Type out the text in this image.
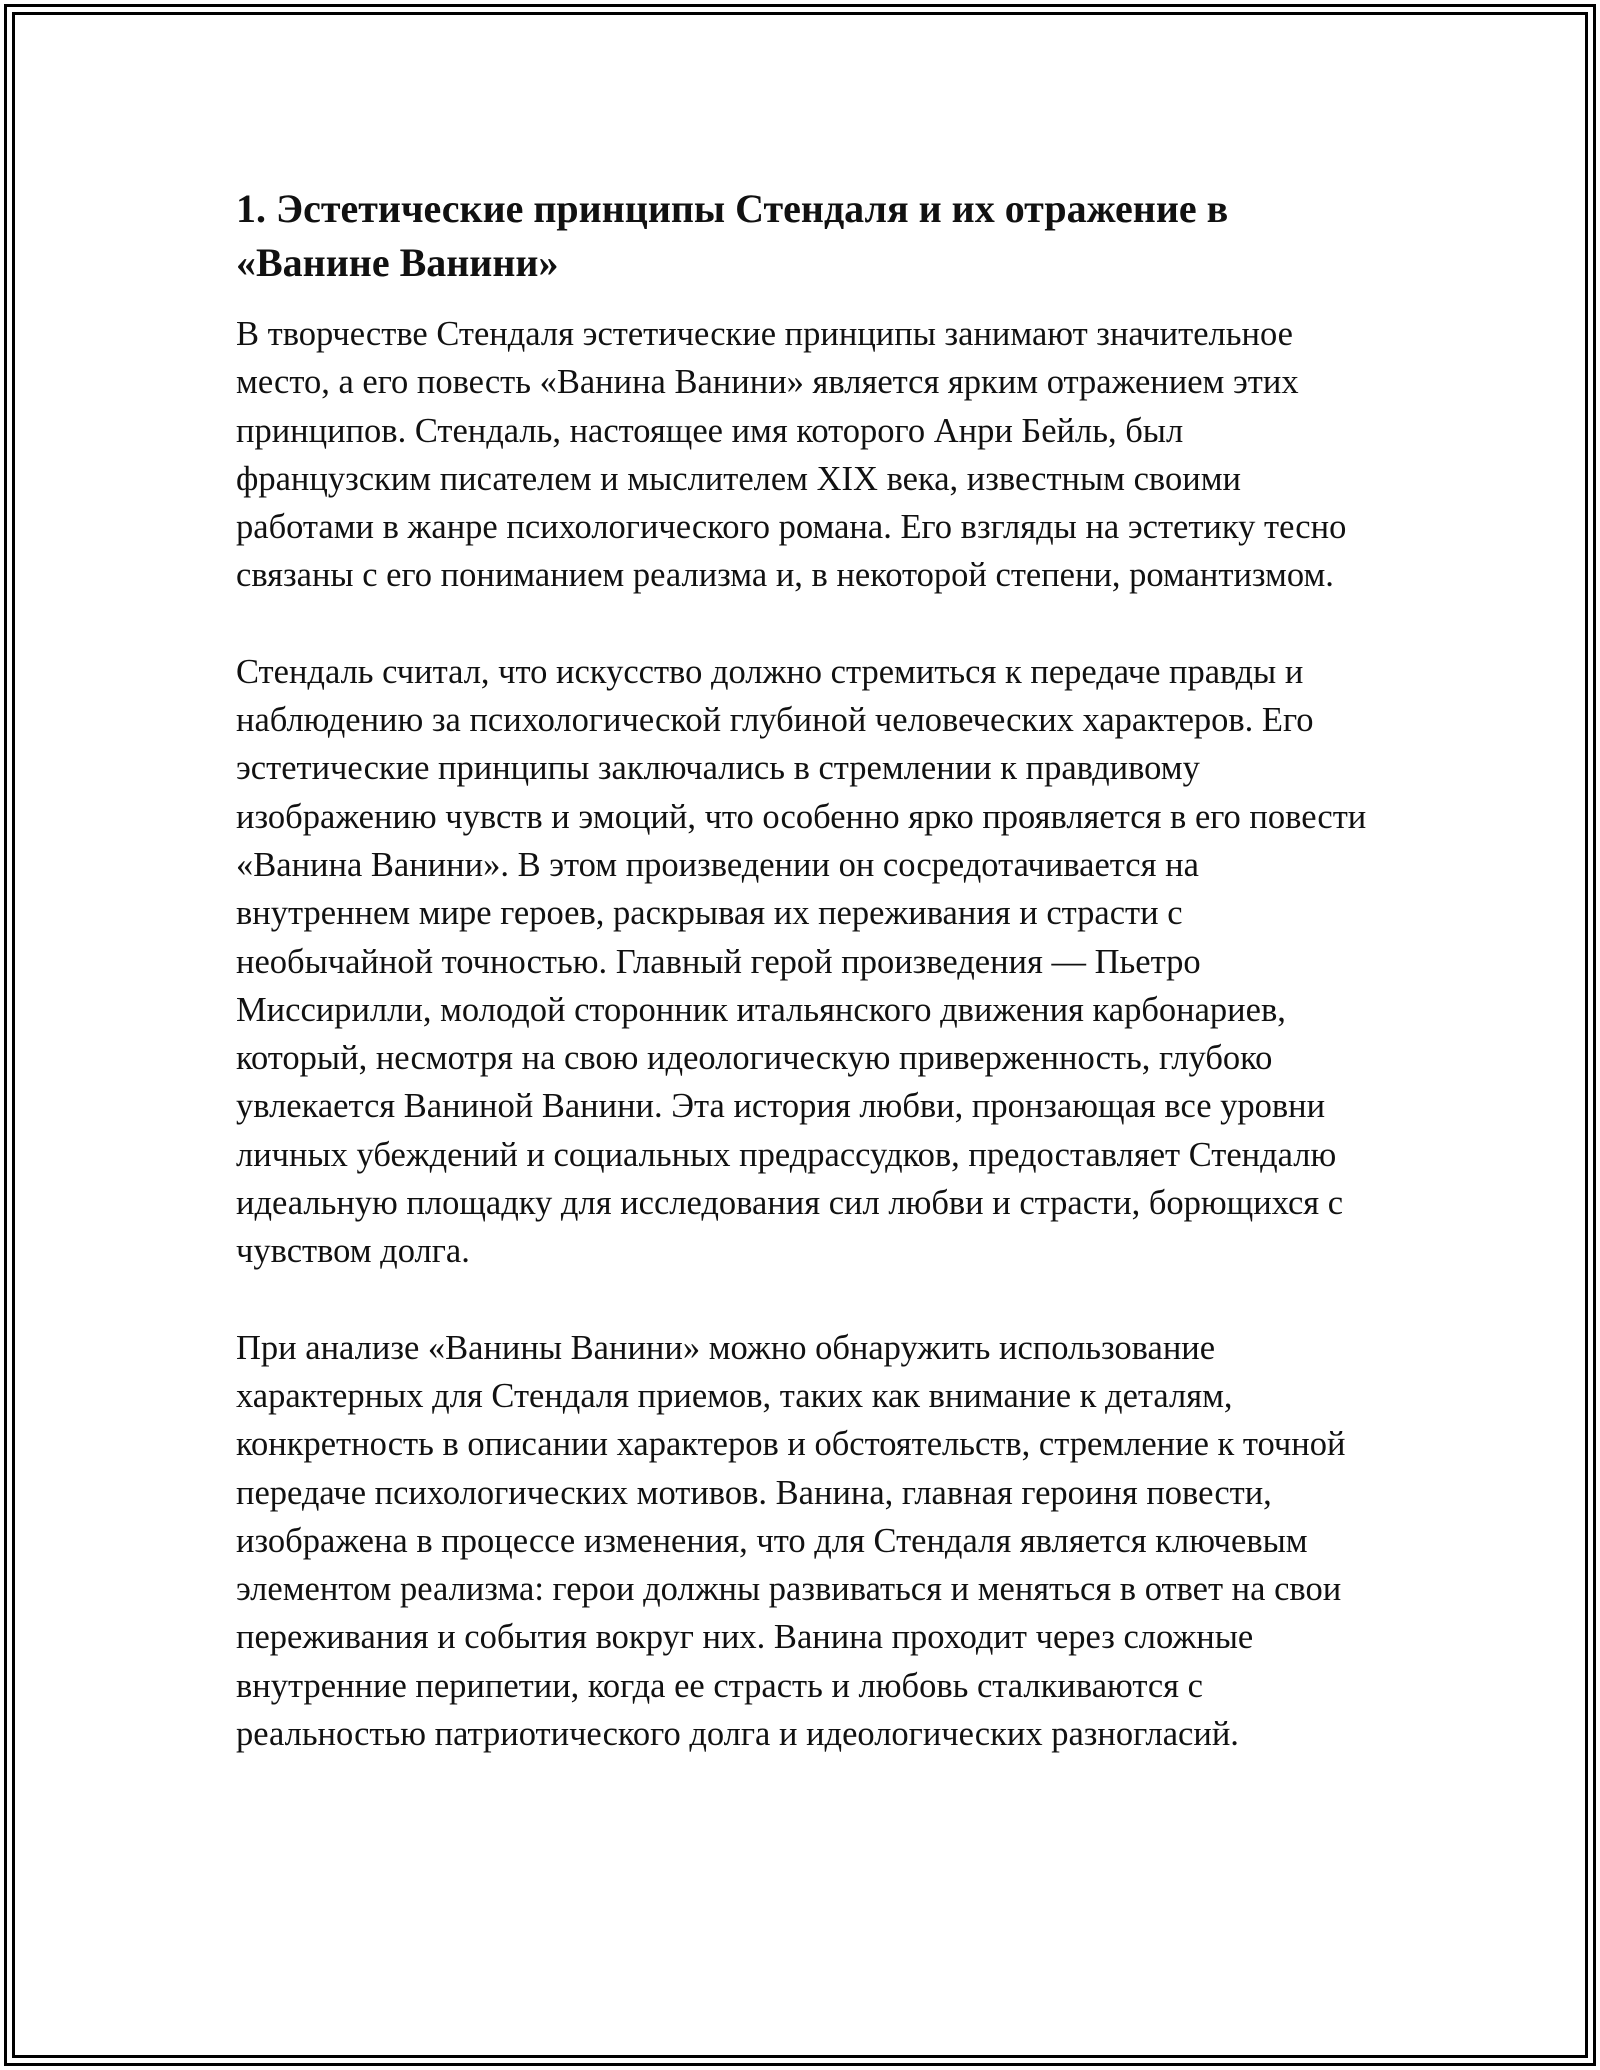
1. Эстетические принципы Стендаля и их отражение в «Ванине Ванини»

В творчестве Стендаля эстетические принципы занимают значительное место, а его повесть «Ванина Ванини» является ярким отражением этих принципов. Стендаль, настоящее имя которого Анри Бейль, был французским писателем и мыслителем XIX века, известным своими работами в жанре психологического романа. Его взгляды на эстетику тесно связаны с его пониманием реализма и, в некоторой степени, романтизмом.

Стендаль считал, что искусство должно стремиться к передаче правды и наблюдению за психологической глубиной человеческих характеров. Его эстетические принципы заключались в стремлении к правдивому изображению чувств и эмоций, что особенно ярко проявляется в его повести «Ванина Ванини». В этом произведении он сосредотачивается на внутреннем мире героев, раскрывая их переживания и страсти с необычайной точностью. Главный герой произведения — Пьетро Миссирилли, молодой сторонник итальянского движения карбонариев, который, несмотря на свою идеологическую приверженность, глубоко увлекается Ваниной Ванини. Эта история любви, пронзающая все уровни личных убеждений и социальных предрассудков, предоставляет Стендалю идеальную площадку для исследования сил любви и страсти, борющихся с чувством долга.

При анализе «Ванины Ванини» можно обнаружить использование характерных для Стендаля приемов, таких как внимание к деталям, конкретность в описании характеров и обстоятельств, стремление к точной передаче психологических мотивов. Ванина, главная героиня повести, изображена в процессе изменения, что для Стендаля является ключевым элементом реализма: герои должны развиваться и меняться в ответ на свои переживания и события вокруг них. Ванина проходит через сложные внутренние перипетии, когда ее страсть и любовь сталкиваются с реальностью патриотического долга и идеологических разногласий.
